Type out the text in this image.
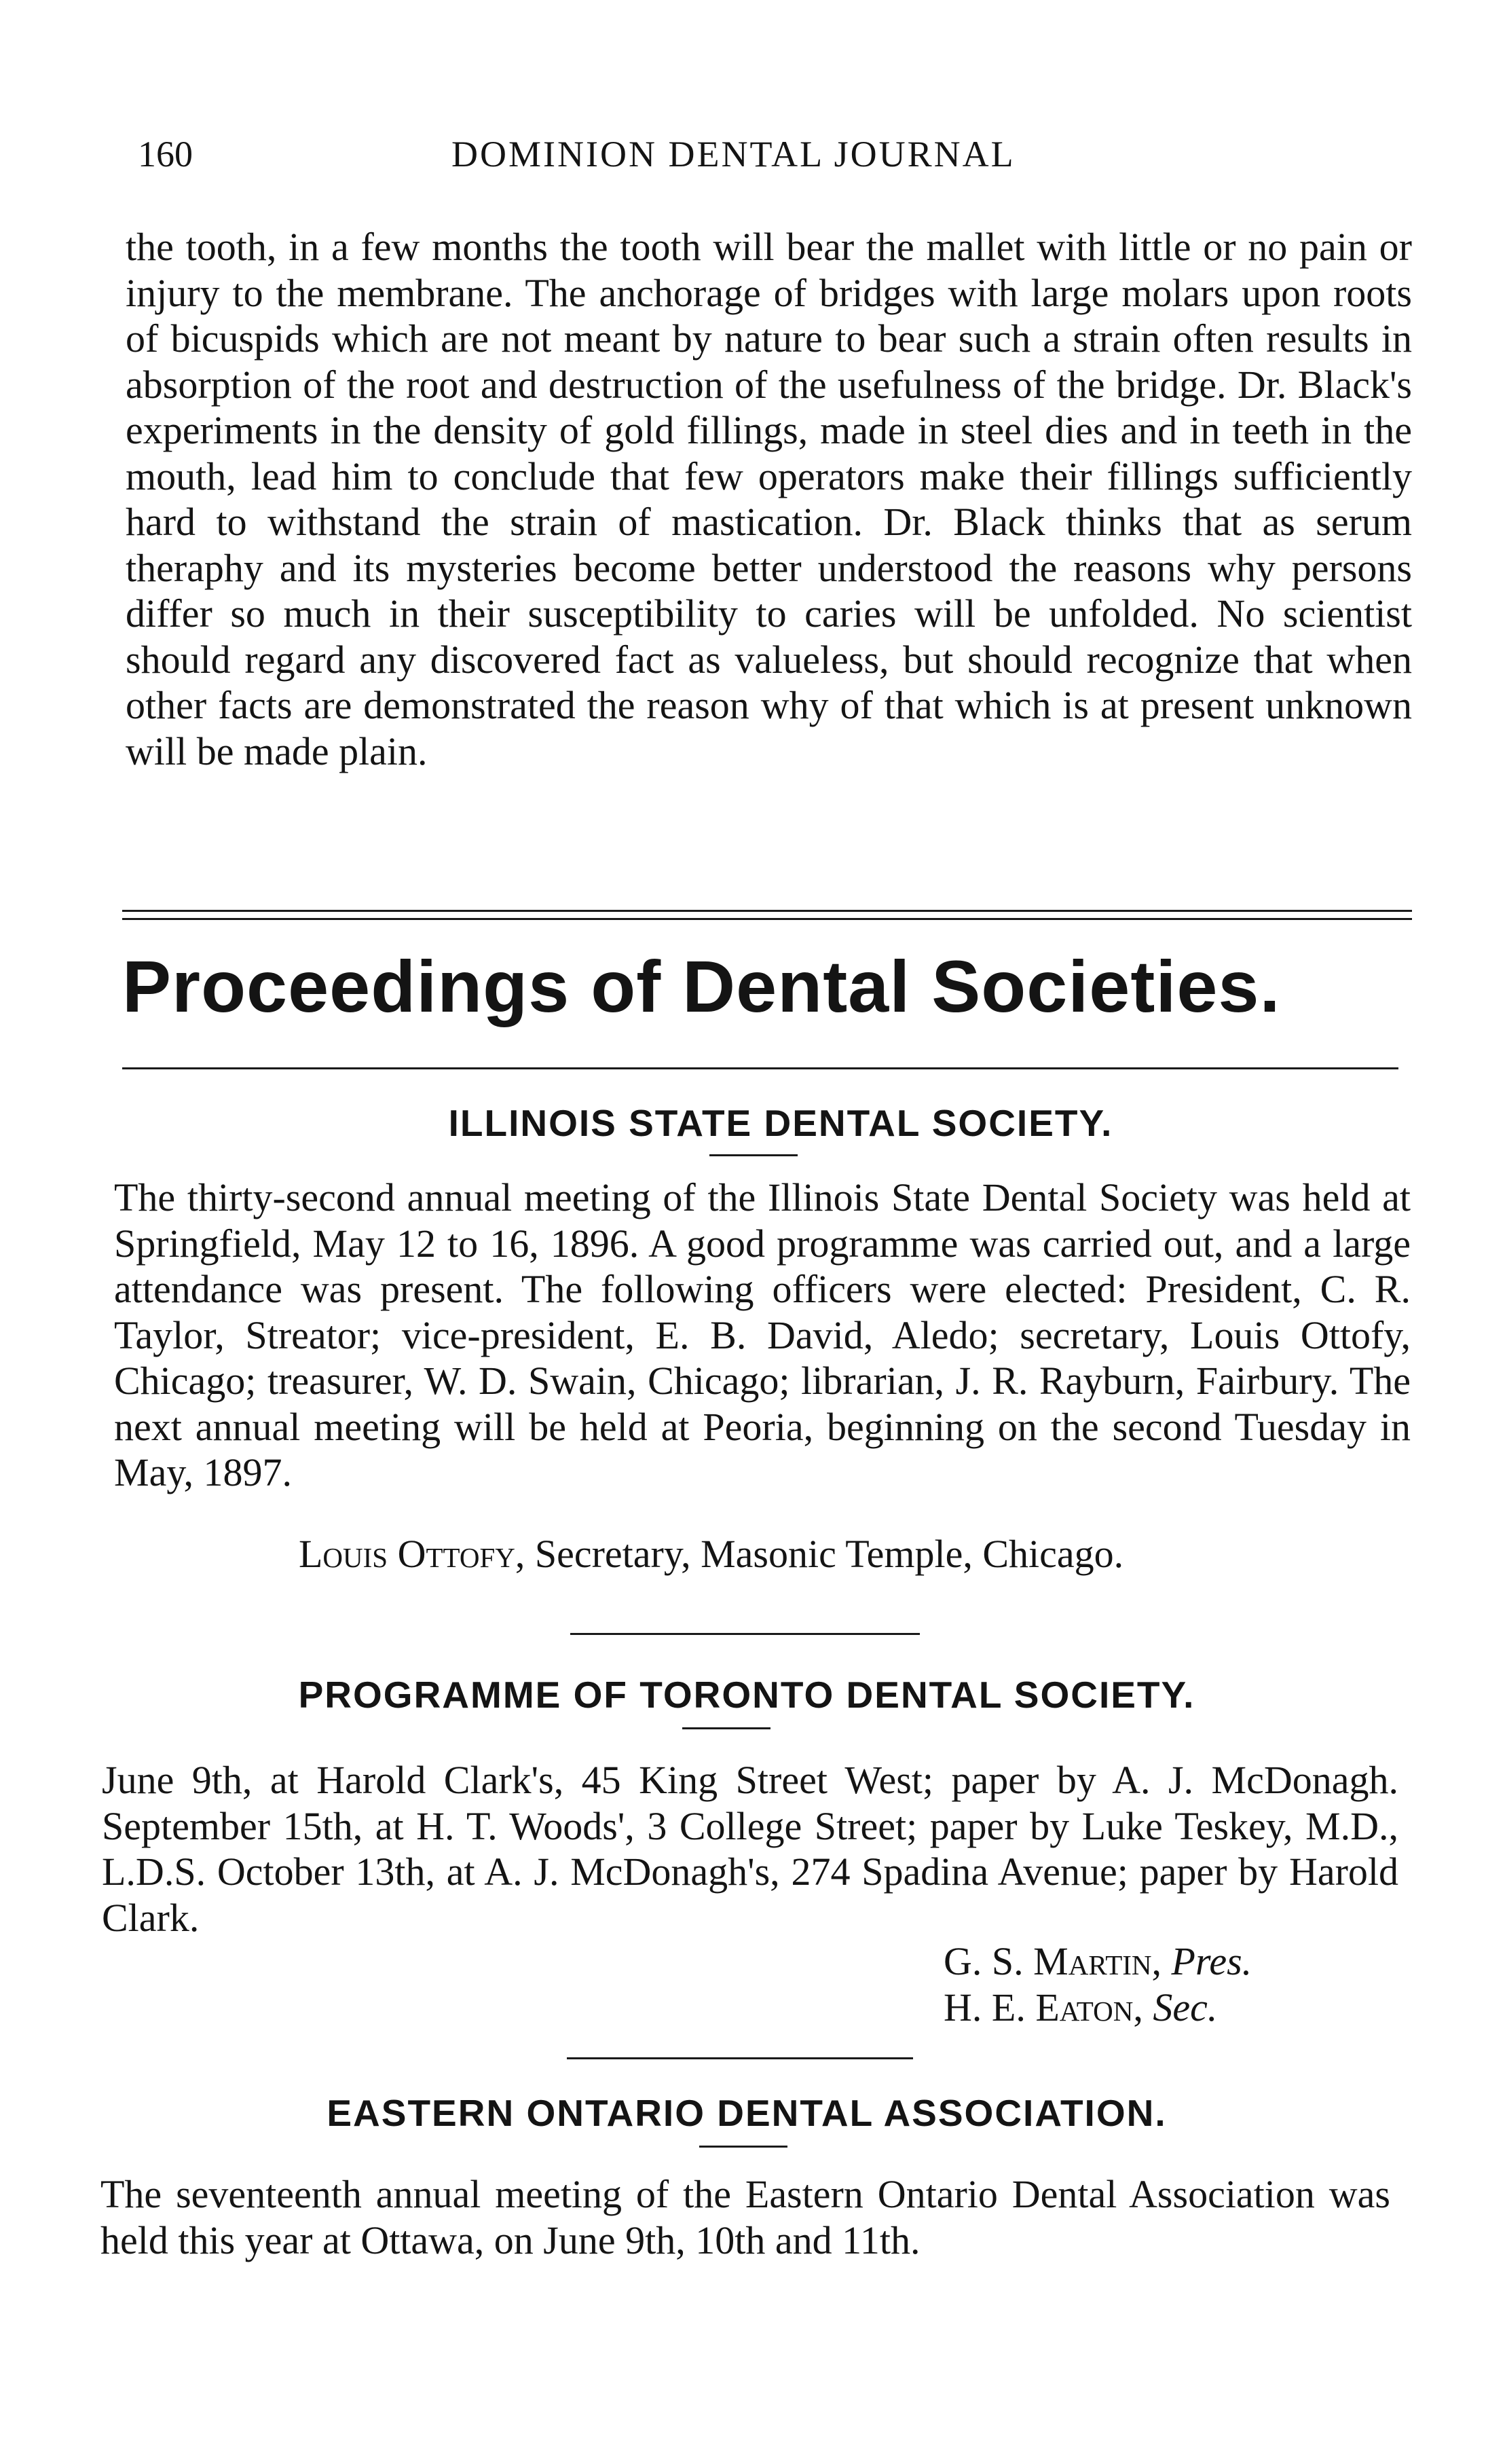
160	DOMINION DENTAL JOURNAL

the tooth, in a few months the tooth will bear the mallet with little or no pain or injury to the membrane. The anchorage of bridges with large molars upon roots of bicuspids which are not meant by nature to bear such a strain often results in absorption of the root and destruction of the usefulness of the bridge. Dr. Black's experiments in the density of gold fillings, made in steel dies and in teeth in the mouth, lead him to conclude that few operators make their fillings sufficiently hard to withstand the strain of mastication. Dr. Black thinks that as serum theraphy and its mysteries become better understood the reasons why persons differ so much in their susceptibility to caries will be unfolded. No scientist should regard any discovered fact as valueless, but should recognize that when other facts are demonstrated the reason why of that which is at present unknown will be made plain.

Proceedings of Dental Societies.
ILLINOIS STATE DENTAL SOCIETY.

The thirty-second annual meeting of the Illinois State Dental Society was held at Springfield, May 12 to 16, 1896. A good programme was carried out, and a large attendance was present. The following officers were elected: President, C. R. Taylor, Streator; vice-president, E. B. David, Aledo; secretary, Louis Ottofy, Chicago; treasurer, W. D. Swain, Chicago; librarian, J. R. Rayburn, Fairbury. The next annual meeting will be held at Peoria, beginning on the second Tuesday in May, 1897.

Louis Ottofy, Secretary, Masonic Temple, Chicago.

PROGRAMME OF TORONTO DENTAL SOCIETY.

June 9th, at Harold Clark's, 45 King Street West; paper by A. J. McDonagh. September 15th, at H. T. Woods', 3 College Street; paper by Luke Teskey, M.D., L.D.S. October 13th, at A. J. McDonagh's, 274 Spadina Avenue; paper by Harold Clark.

G. S. Martin, Pres.

H. E. Eaton, Sec.

EASTERN ONTARIO DENTAL ASSOCIATION.

The seventeenth annual meeting of the Eastern Ontario Dental Association was held this year at Ottawa, on June 9th, 10th and 11th.
